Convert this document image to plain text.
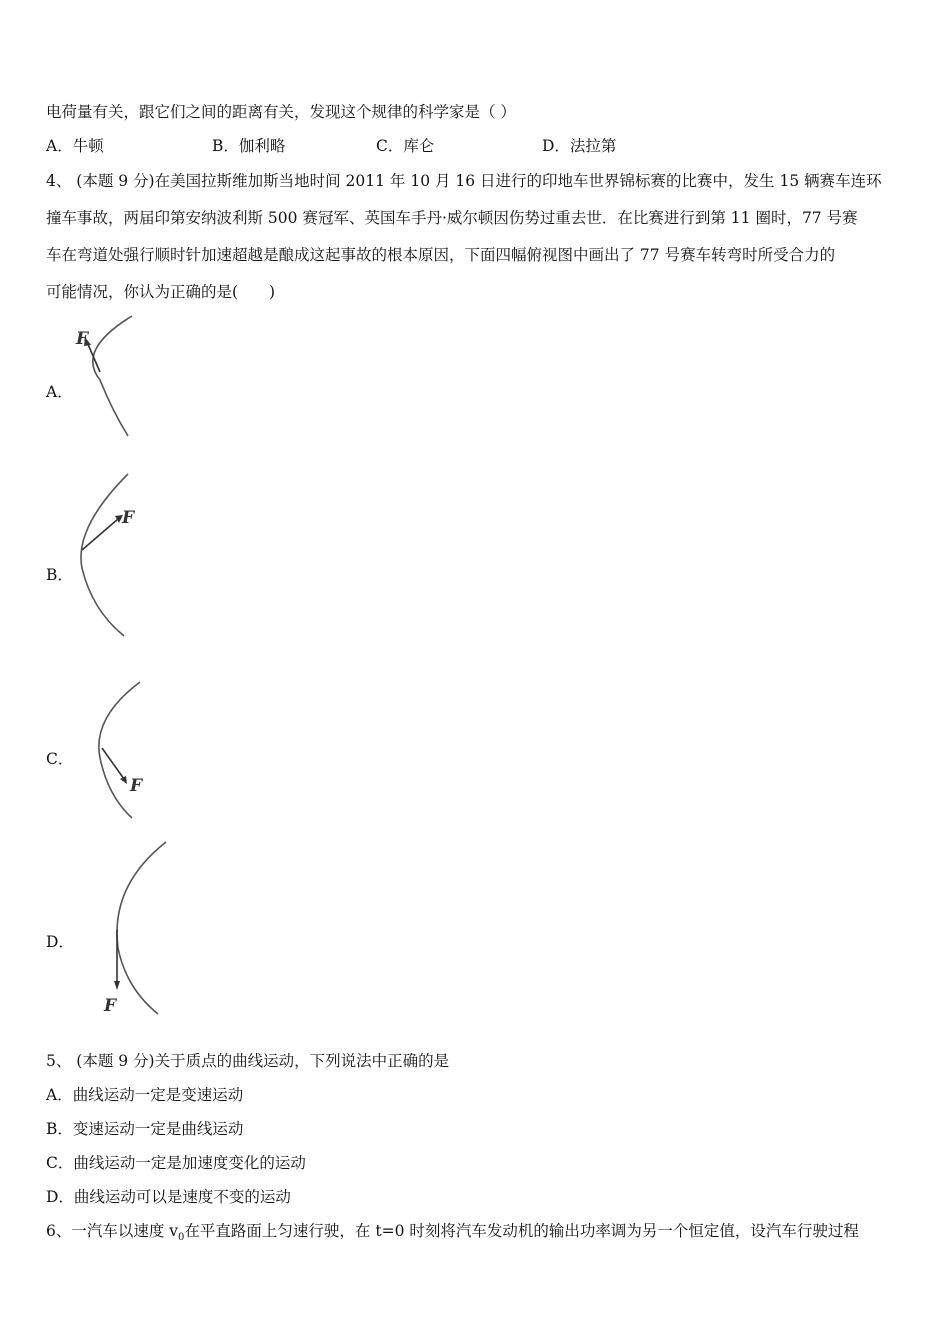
电荷量有关，跟它们之间的距离有关，发现这个规律的科学家是（ ）
A．牛顿	B．伽利略	C．库仑	D．法拉第
4、 (本题 9 分)在美国拉斯维加斯当地时间 2011 年 10 月 16 日进行的印地车世界锦标赛的比赛中，发生 15 辆赛车连环
撞车事故，两届印第安纳波利斯 500 赛冠军、英国车手丹·威尔顿因伤势过重去世．在比赛进行到第 11 圈时，77 号赛
车在弯道处强行顺时针加速超越是酿成这起事故的根本原因，下面四幅俯视图中画出了 77 号赛车转弯时所受合力的
可能情况，你认为正确的是(　　)
A．
F
B．
F
C．
F
D．
F
5、 (本题 9 分)关于质点的曲线运动，下列说法中正确的是
A．曲线运动一定是变速运动
B．变速运动一定是曲线运动
C．曲线运动一定是加速度变化的运动
D．曲线运动可以是速度不变的运动
6、一汽车以速度 $v_0$在平直路面上匀速行驶，在 t=0 时刻将汽车发动机的输出功率调为另一个恒定值，设汽车行驶过程
